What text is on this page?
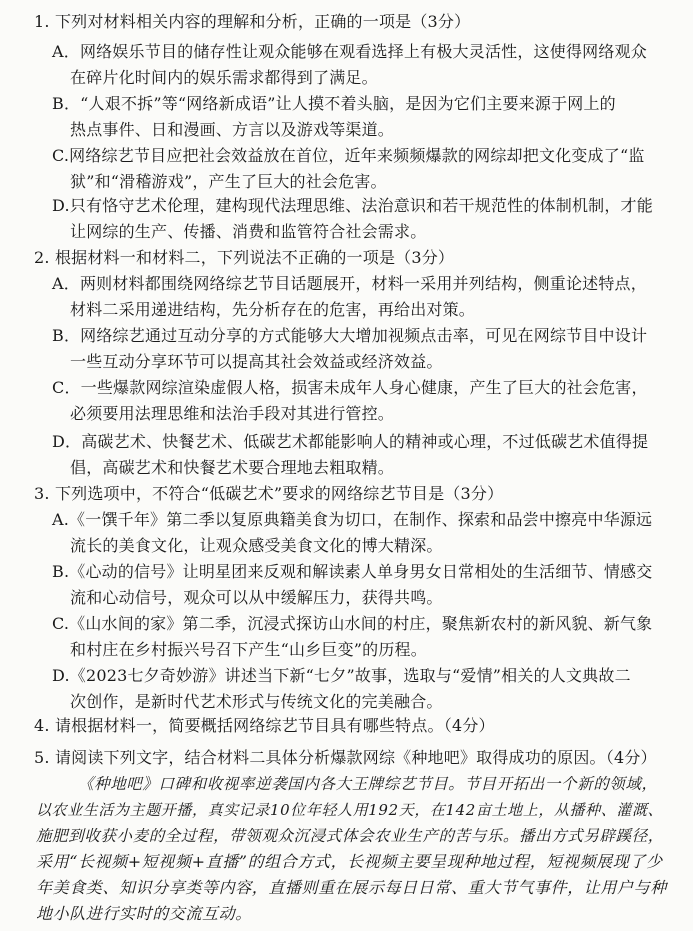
1. 下列对材料相关内容的理解和分析，正确的一项是（3分）
A．网络娱乐节目的储存性让观众能够在观看选择上有极大灵活性，这使得网络观众
在碎片化时间内的娱乐需求都得到了满足。
B．“人艰不拆”等“网络新成语”让人摸不着头脑，是因为它们主要来源于网上的
热点事件、日和漫画、方言以及游戏等渠道。
C.网络综艺节目应把社会效益放在首位，近年来频频爆款的网综却把文化变成了“监
狱”和“滑稽游戏”，产生了巨大的社会危害。
D.只有恪守艺术伦理，建构现代法理思维、法治意识和若干规范性的体制机制，才能
让网综的生产、传播、消费和监管符合社会需求。
2. 根据材料一和材料二，下列说法不正确的一项是（3分）
A．两则材料都围绕网络综艺节目话题展开，材料一采用并列结构，侧重论述特点，
材料二采用递进结构，先分析存在的危害，再给出对策。
B．网络综艺通过互动分享的方式能够大大增加视频点击率，可见在网综节目中设计
一些互动分享环节可以提高其社会效益或经济效益。
C．一些爆款网综渲染虚假人格，损害未成年人身心健康，产生了巨大的社会危害，
必须要用法理思维和法治手段对其进行管控。
D．高碳艺术、快餐艺术、低碳艺术都能影响人的精神或心理，不过低碳艺术值得提
倡，高碳艺术和快餐艺术要合理地去粗取精。
3. 下列选项中，不符合“低碳艺术”要求的网络综艺节目是（3分）
A.《一馔千年》第二季以复原典籍美食为切口，在制作、探索和品尝中擦亮中华源远
流长的美食文化，让观众感受美食文化的博大精深。
B.《心动的信号》让明星团来反观和解读素人单身男女日常相处的生活细节、情感交
流和心动信号，观众可以从中缓解压力，获得共鸣。
C.《山水间的家》第二季，沉浸式探访山水间的村庄，聚焦新农村的新风貌、新气象
和村庄在乡村振兴号召下产生“山乡巨变”的历程。
D.《2023七夕奇妙游》讲述当下新“七夕”故事，选取与“爱情”相关的人文典故二
次创作，是新时代艺术形式与传统文化的完美融合。
4. 请根据材料一，简要概括网络综艺节目具有哪些特点。（4分）
5. 请阅读下列文字，结合材料二具体分析爆款网综《种地吧》取得成功的原因。（4分）
《种地吧》口碑和收视率逆袭国内各大王牌综艺节目。节目开拓出一个新的领域，
以农业生活为主题开播，真实记录10位年轻人用192天，在142亩土地上，从播种、灌溉、
施肥到收获小麦的全过程，带领观众沉浸式体会农业生产的苦与乐。播出方式另辟蹊径，
采用“长视频+短视频+直播”的组合方式，长视频主要呈现种地过程，短视频展现了少
年美食类、知识分享类等内容，直播则重在展示每日日常、重大节气事件，让用户与种
地小队进行实时的交流互动。
